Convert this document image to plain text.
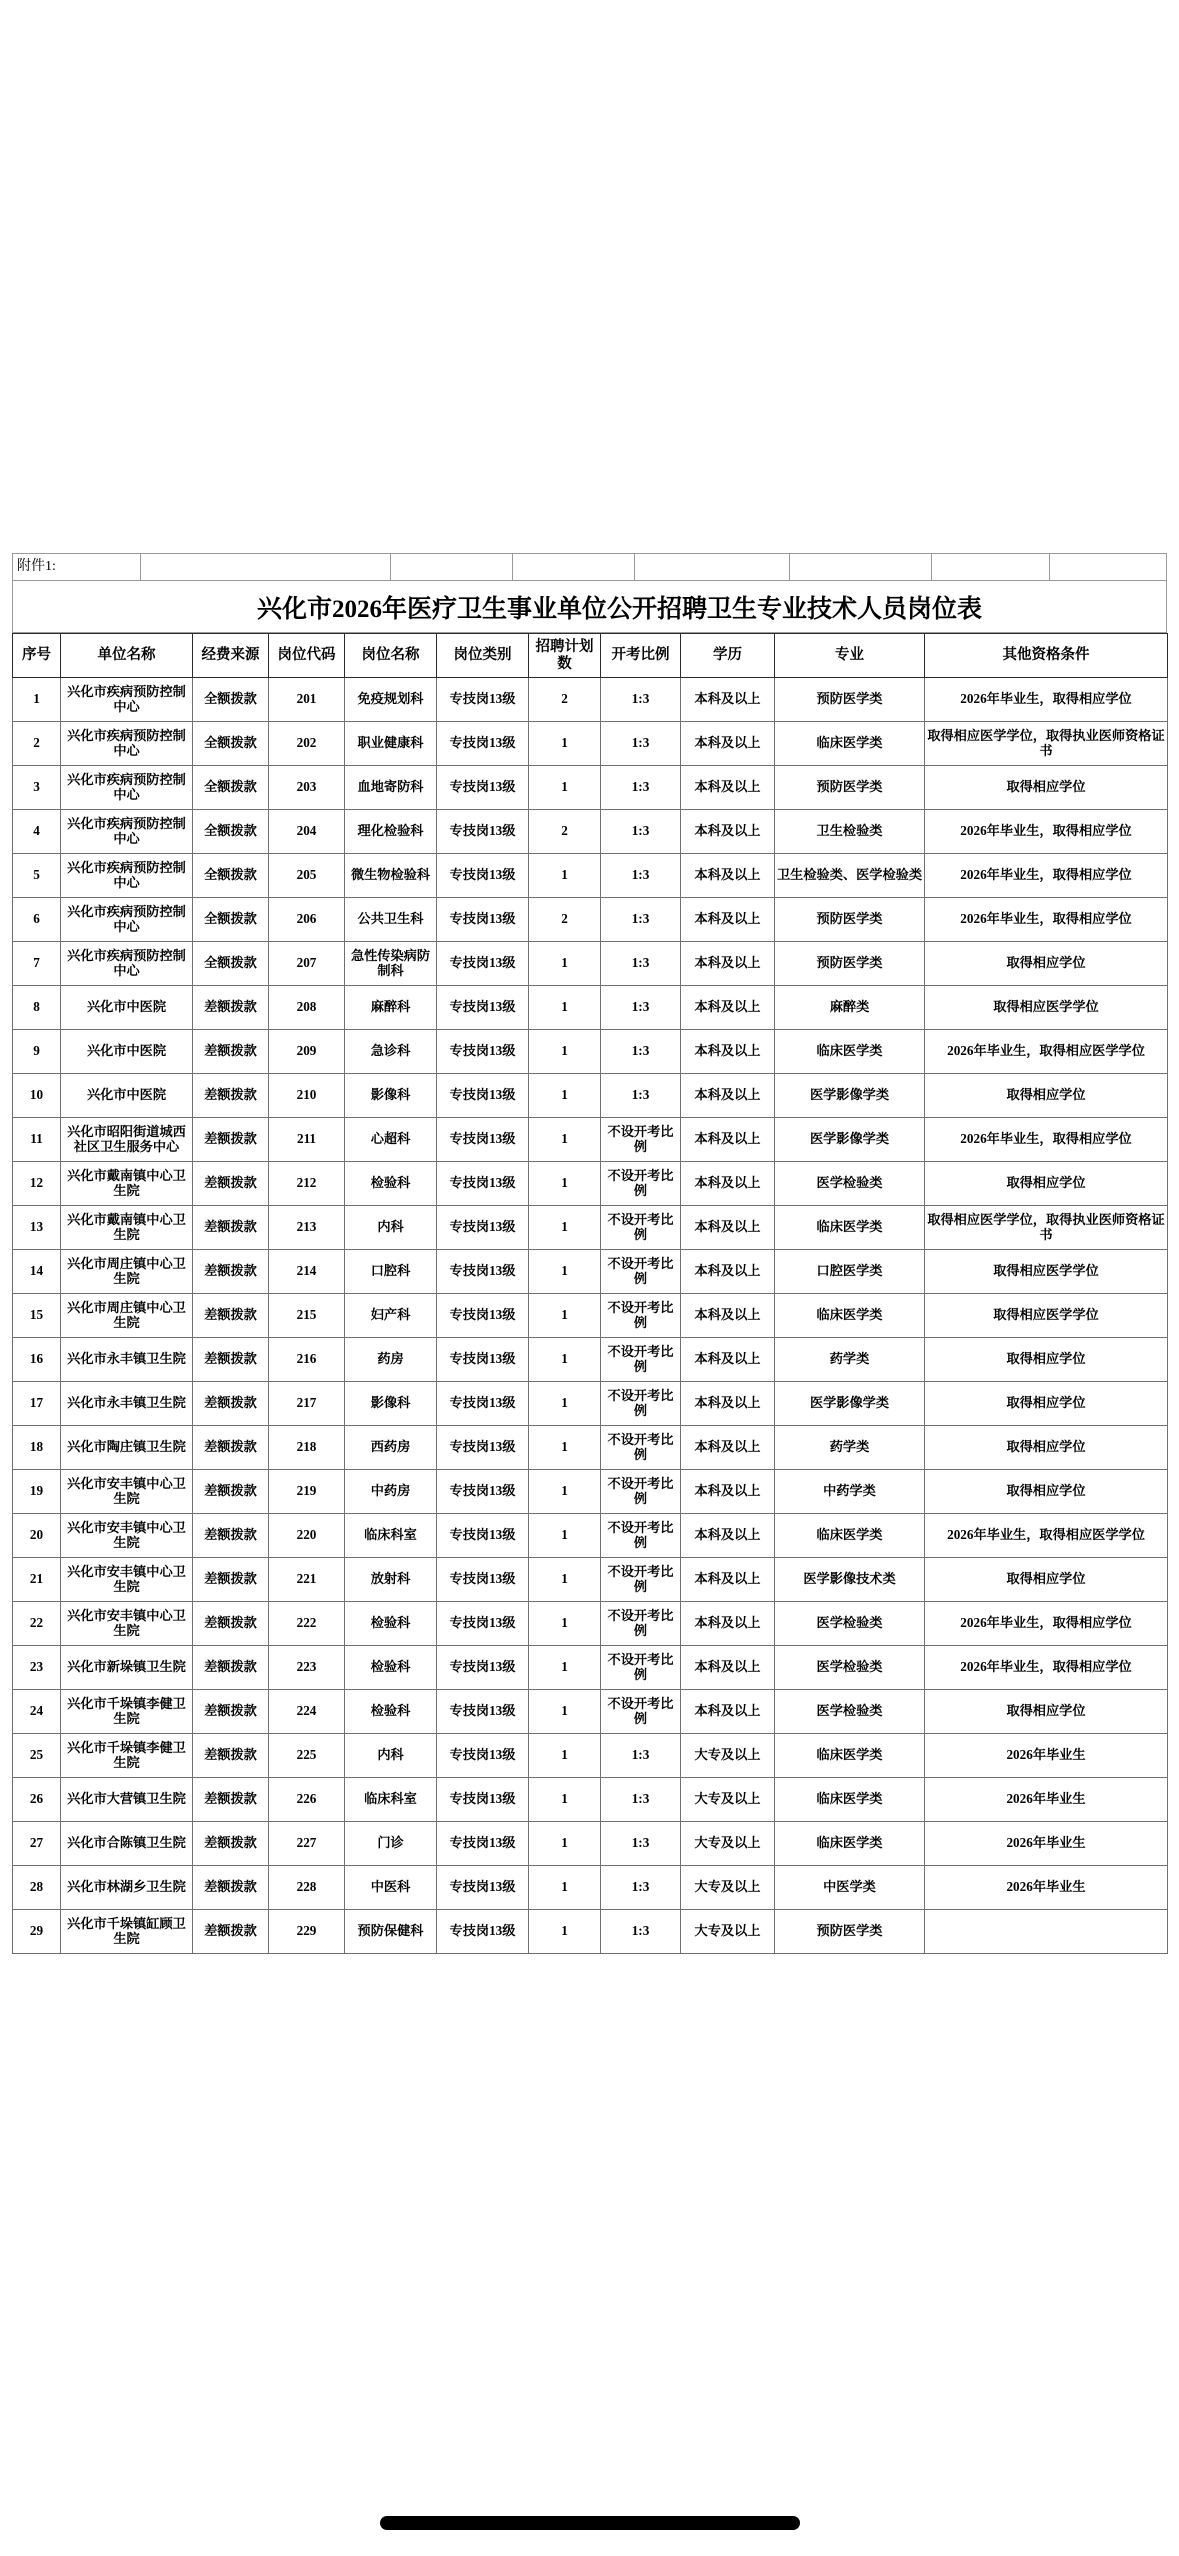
附件1:
兴化市2026年医疗卫生事业单位公开招聘卫生专业技术人员岗位表
序号	单位名称	经费来源	岗位代码	岗位名称	岗位类别	招聘计划数	开考比例	学历	专业	其他资格条件
1	兴化市疾病预防控制中心	全额拨款	201	免疫规划科	专技岗13级	2	1:3	本科及以上	预防医学类	2026年毕业生，取得相应学位
2	兴化市疾病预防控制中心	全额拨款	202	职业健康科	专技岗13级	1	1:3	本科及以上	临床医学类	取得相应医学学位，取得执业医师资格证书
3	兴化市疾病预防控制中心	全额拨款	203	血地寄防科	专技岗13级	1	1:3	本科及以上	预防医学类	取得相应学位
4	兴化市疾病预防控制中心	全额拨款	204	理化检验科	专技岗13级	2	1:3	本科及以上	卫生检验类	2026年毕业生，取得相应学位
5	兴化市疾病预防控制中心	全额拨款	205	微生物检验科	专技岗13级	1	1:3	本科及以上	卫生检验类、医学检验类	2026年毕业生，取得相应学位
6	兴化市疾病预防控制中心	全额拨款	206	公共卫生科	专技岗13级	2	1:3	本科及以上	预防医学类	2026年毕业生，取得相应学位
7	兴化市疾病预防控制中心	全额拨款	207	急性传染病防制科	专技岗13级	1	1:3	本科及以上	预防医学类	取得相应学位
8	兴化市中医院	差额拨款	208	麻醉科	专技岗13级	1	1:3	本科及以上	麻醉类	取得相应医学学位
9	兴化市中医院	差额拨款	209	急诊科	专技岗13级	1	1:3	本科及以上	临床医学类	2026年毕业生，取得相应医学学位
10	兴化市中医院	差额拨款	210	影像科	专技岗13级	1	1:3	本科及以上	医学影像学类	取得相应学位
11	兴化市昭阳街道城西社区卫生服务中心	差额拨款	211	心超科	专技岗13级	1	不设开考比例	本科及以上	医学影像学类	2026年毕业生，取得相应学位
12	兴化市戴南镇中心卫生院	差额拨款	212	检验科	专技岗13级	1	不设开考比例	本科及以上	医学检验类	取得相应学位
13	兴化市戴南镇中心卫生院	差额拨款	213	内科	专技岗13级	1	不设开考比例	本科及以上	临床医学类	取得相应医学学位，取得执业医师资格证书
14	兴化市周庄镇中心卫生院	差额拨款	214	口腔科	专技岗13级	1	不设开考比例	本科及以上	口腔医学类	取得相应医学学位
15	兴化市周庄镇中心卫生院	差额拨款	215	妇产科	专技岗13级	1	不设开考比例	本科及以上	临床医学类	取得相应医学学位
16	兴化市永丰镇卫生院	差额拨款	216	药房	专技岗13级	1	不设开考比例	本科及以上	药学类	取得相应学位
17	兴化市永丰镇卫生院	差额拨款	217	影像科	专技岗13级	1	不设开考比例	本科及以上	医学影像学类	取得相应学位
18	兴化市陶庄镇卫生院	差额拨款	218	西药房	专技岗13级	1	不设开考比例	本科及以上	药学类	取得相应学位
19	兴化市安丰镇中心卫生院	差额拨款	219	中药房	专技岗13级	1	不设开考比例	本科及以上	中药学类	取得相应学位
20	兴化市安丰镇中心卫生院	差额拨款	220	临床科室	专技岗13级	1	不设开考比例	本科及以上	临床医学类	2026年毕业生，取得相应医学学位
21	兴化市安丰镇中心卫生院	差额拨款	221	放射科	专技岗13级	1	不设开考比例	本科及以上	医学影像技术类	取得相应学位
22	兴化市安丰镇中心卫生院	差额拨款	222	检验科	专技岗13级	1	不设开考比例	本科及以上	医学检验类	2026年毕业生，取得相应学位
23	兴化市新垛镇卫生院	差额拨款	223	检验科	专技岗13级	1	不设开考比例	本科及以上	医学检验类	2026年毕业生，取得相应学位
24	兴化市千垛镇李健卫生院	差额拨款	224	检验科	专技岗13级	1	不设开考比例	本科及以上	医学检验类	取得相应学位
25	兴化市千垛镇李健卫生院	差额拨款	225	内科	专技岗13级	1	1:3	大专及以上	临床医学类	2026年毕业生
26	兴化市大营镇卫生院	差额拨款	226	临床科室	专技岗13级	1	1:3	大专及以上	临床医学类	2026年毕业生
27	兴化市合陈镇卫生院	差额拨款	227	门诊	专技岗13级	1	1:3	大专及以上	临床医学类	2026年毕业生
28	兴化市林湖乡卫生院	差额拨款	228	中医科	专技岗13级	1	1:3	大专及以上	中医学类	2026年毕业生
29	兴化市千垛镇缸顾卫生院	差额拨款	229	预防保健科	专技岗13级	1	1:3	大专及以上	预防医学类	
